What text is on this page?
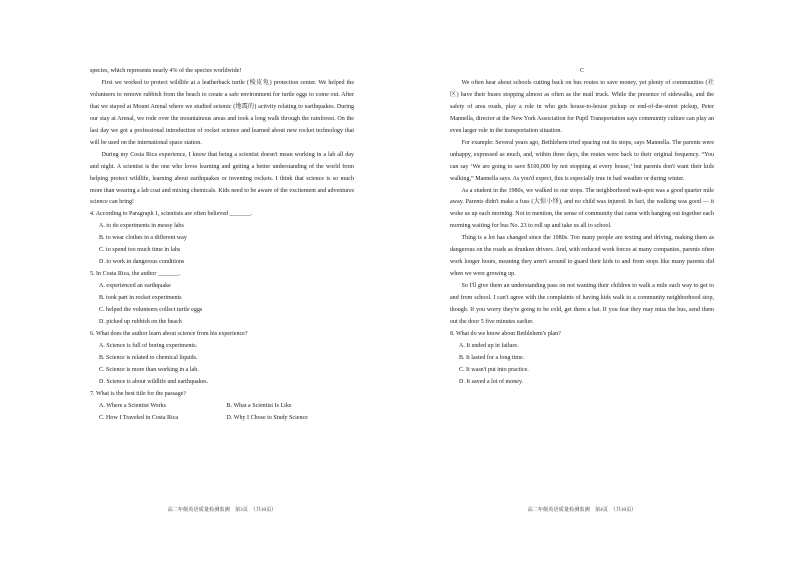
species, which represents nearly 4% of the species worldwide!

First we worked to protect wildlife at a leatherback turtle (棱皮龟) protection center. We helped the volunteers to remove rubbish from the beach to create a safe environment for turtle eggs to come out. After that we stayed at Mount Arenal where we studied seismic (地震的) activity relating to earthquakes. During our stay at Arenal, we rode over the mountainous areas and took a long walk through the rainforest. On the last day we got a professional introduction of rocket science and learned about new rocket technology that will be used on the international space station.

During my Costa Rica experience, I know that being a scientist doesn't mean working in a lab all day and night. A scientist is the one who loves learning and getting a better understanding of the world from helping protect wildlife, learning about earthquakes or inventing rockets. I think that science is so much more than wearing a lab coat and mixing chemicals. Kids need to be aware of the excitement and adventures science can bring!

4. According to Paragraph 1, scientists are often believed _______.
A. to do experiments in messy labs
B. to wear clothes in a different way
C. to spend too much time in labs
D. to work in dangerous conditions
5. In Costa Rica, the author _______.
A. experienced an earthquake
B. took part in rocket experiments
C. helped the volunteers collect turtle eggs
D. picked up rubbish on the beach
6. What does the author learn about science from his experience?
A. Science is full of boring experiments.
B. Science is related to chemical liquids.
C. Science is more than working in a lab.
D. Science is about wildlife and earthquakes.
7. What is the best title for the passage?
A. Where a Scientist Works	B. What a Scientist Is Like
C. How I Traveled in Costa Rica	D. Why I Chose to Study Science
C

We often hear about schools cutting back on bus routes to save money, yet plenty of communities (社区) have their buses stopping almost as often as the mail truck. While the presence of sidewalks, and the safety of area roads, play a role in who gets house-to-house pickup or end-of-the-street pickup, Peter Mannella, director at the New York Association for Pupil Transportation says community culture can play an even larger role in the transportation situation.

For example: Several years ago, Bethlehem tried spacing out its stops, says Mannella. The parents were unhappy, expressed as much, and, within three days, the routes were back to their original frequency. “You can say ‘We are going to save $100,000 by not stopping at every house,’ but parents don't want their kids walking,” Mannella says. As you'd expect, this is especially true in bad weather or during winter.

As a student in the 1980s, we walked to our stops. The neighborhood wait-spot was a good quarter mile away. Parents didn't make a fuss (大惊小怪), and no child was injured. In fact, the walking was good — it woke us up each morning. Not to mention, the sense of community that came with hanging out together each morning waiting for bus No. 23 to roll up and take us all to school.

Thing is a lot has changed since the 1980s. Too many people are texting and driving, making them as dangerous on the roads as drunken drivers. And, with reduced work forces at many companies, parents often work longer hours, meaning they aren't around to guard their kids to and from stops like many parents did when we were growing up.

So I'll give them an understanding pass on not wanting their children to walk a mile each way to get to and from school. I can't agree with the complaints of having kids walk to a community neighborhood stop, though. If you worry they're going to be cold, get them a hat. If you fear they may miss the bus, send them out the door 5 five minutes earlier.

8. What do we know about Bethlehem's plan?
A. It ended up in failure.
B. It lasted for a long time.
C. It wasn't put into practice.
D. It saved a lot of money.
高二年级英语质量检测监测　第3页　（共10页）	高二年级英语质量检测监测　第4页　（共10页）
